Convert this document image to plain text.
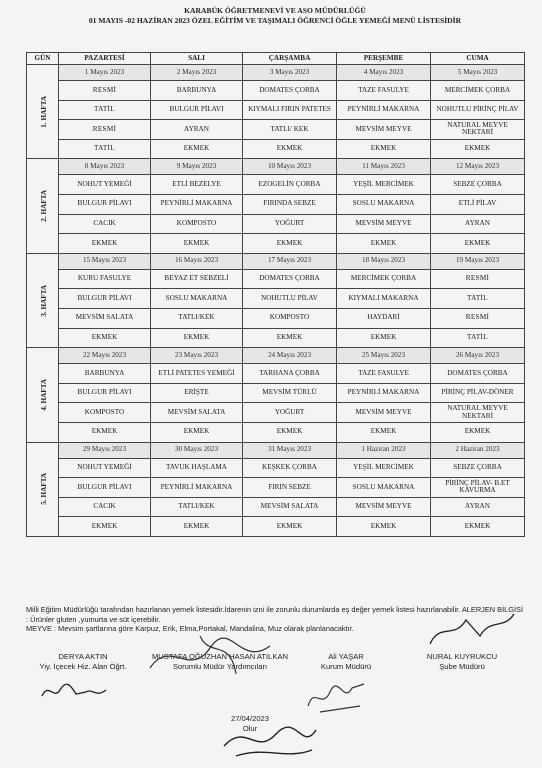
KARABÜK ÖĞRETMENEVİ VE ASO MÜDÜRLÜĞÜ
01 MAYIS -02 HAZİRAN 2023 ÖZEL EĞİTİM VE TAŞIMALI ÖĞRENCİ ÖĞLE YEMEĞİ MENÜ LİSTESİDİR
GÜN	PAZARTESİ	SALI	ÇARŞAMBA	PERŞEMBE	CUMA
1. HAFTA	1 Mayıs 2023	2 Mayıs 2023	3 Mayıs 2023	4 Mayıs 2023	5 Mayıs 2023
	RESMİ	BARBUNYA	DOMATES ÇORBA	TAZE FASULYE	MERCİMEK ÇORBA
	TATİL	BULGUR PİLAVI	KIYMALI FIRIN PATETES	PEYNİRLİ MAKARNA	NOHUTLU PİRİNÇ PİLAV
	RESMİ	AYRAN	TATLI/ KEK	MEVSİM MEYVE	NATURAL MEYVE NEKTARİ
	TATİL	EKMEK	EKMEK	EKMEK	EKMEK
2. HAFTA	8 Mayıs 2023	9 Mayıs 2023	10 Mayıs 2023	11 Mayıs 2023	12 Mayıs 2023
	NOHUT YEMEĞİ	ETLİ BEZELYE	EZOGELİN ÇORBA	YEŞİL MERCİMEK	SEBZE ÇORBA
	BULGUR PİLAVI	PEYNİRLİ MAKARNA	FIRINDA SEBZE	SOSLU MAKARNA	ETLİ PİLAV
	CACIK	KOMPOSTO	YOĞURT	MEVSİM MEYVE	AYRAN
	EKMEK	EKMEK	EKMEK	EKMEK	EKMEK
3. HAFTA	15 Mayıs 2023	16 Mayıs 2023	17 Mayıs 2023	18 Mayıs 2023	19 Mayıs 2023
	KURU FASULYE	BEYAZ ET SEBZELİ	DOMATES ÇORBA	MERCİMEK ÇORBA	RESMİ
	BULGUR PİLAVI	SOSLU MAKARNA	NOHUTLU PİLAV	KIYMALI MAKARNA	TATİL
	MEVSİM SALATA	TATLI/KEK	KOMPOSTO	HAYDARİ	RESMİ
	EKMEK	EKMEK	EKMEK	EKMEK	TATİL
4. HAFTA	22 Mayıs 2023	23 Mayıs 2023	24 Mayıs 2023	25 Mayıs 2023	26 Mayıs 2023
	BARBUNYA	ETLİ PATETES YEMEĞİ	TARHANA ÇORBA	TAZE FASULYE	DOMATES ÇORBA
	BULGUR PİLAVI	ERİŞTE	MEVSİM TÜRLÜ	PEYNİRLİ MAKARNA	PİRİNÇ PİLAV-DÖNER
	KOMPOSTO	MEVSİM SALATA	YOĞURT	MEVSİM MEYVE	NATURAL MEYVE NEKTARİ
	EKMEK	EKMEK	EKMEK	EKMEK	EKMEK
5. HAFTA	29 Mayıs 2023	30 Mayıs 2023	31 Mayıs 2023	1 Haziran 2023	2 Haziran 2023
	NOHUT YEMEĞİ	TAVUK HAŞLAMA	KEŞKEK ÇORBA	YEŞİL MERCİMEK	SEBZE ÇORBA
	BULGUR PİLAVI	PEYNİRLİ MAKARNA	FIRIN SEBZE	SOSLU MAKARNA	PİRİNÇ PİLAV- B.ET KAVURMA
	CACIK	TATLI/KEK	MEVSİM SALATA	MEVSİM MEYVE	AYRAN
	EKMEK	EKMEK	EKMEK	EKMEK	EKMEK
Milli Eğitim Müdürlüğü tarafından hazırlanan yemek listesidir.İdarenin izni ile zorunlu durumlarda eş değer yemek listesi hazırlanabilir. ALERJEN BİLGİSİ : Ürünler gluten ,yumurta ve süt içerebilir.
MEYVE : Mevsim şartlarına göre Karpuz, Erik, Elma,Portakal, Mandalina, Muz olarak planlanacaktır.
DERYA AKTIN
Yiy. İçecek Hiz. Alan Öğrt.
MUSTAFA OĞUZHAN HASAN ATILKAN
Sorumlu Müdür Yardımcıları
Ali YAŞAR
Kurum Müdürü
NURAL KUYRUKCU
Şube Müdürü
27/04/2023
Olur
